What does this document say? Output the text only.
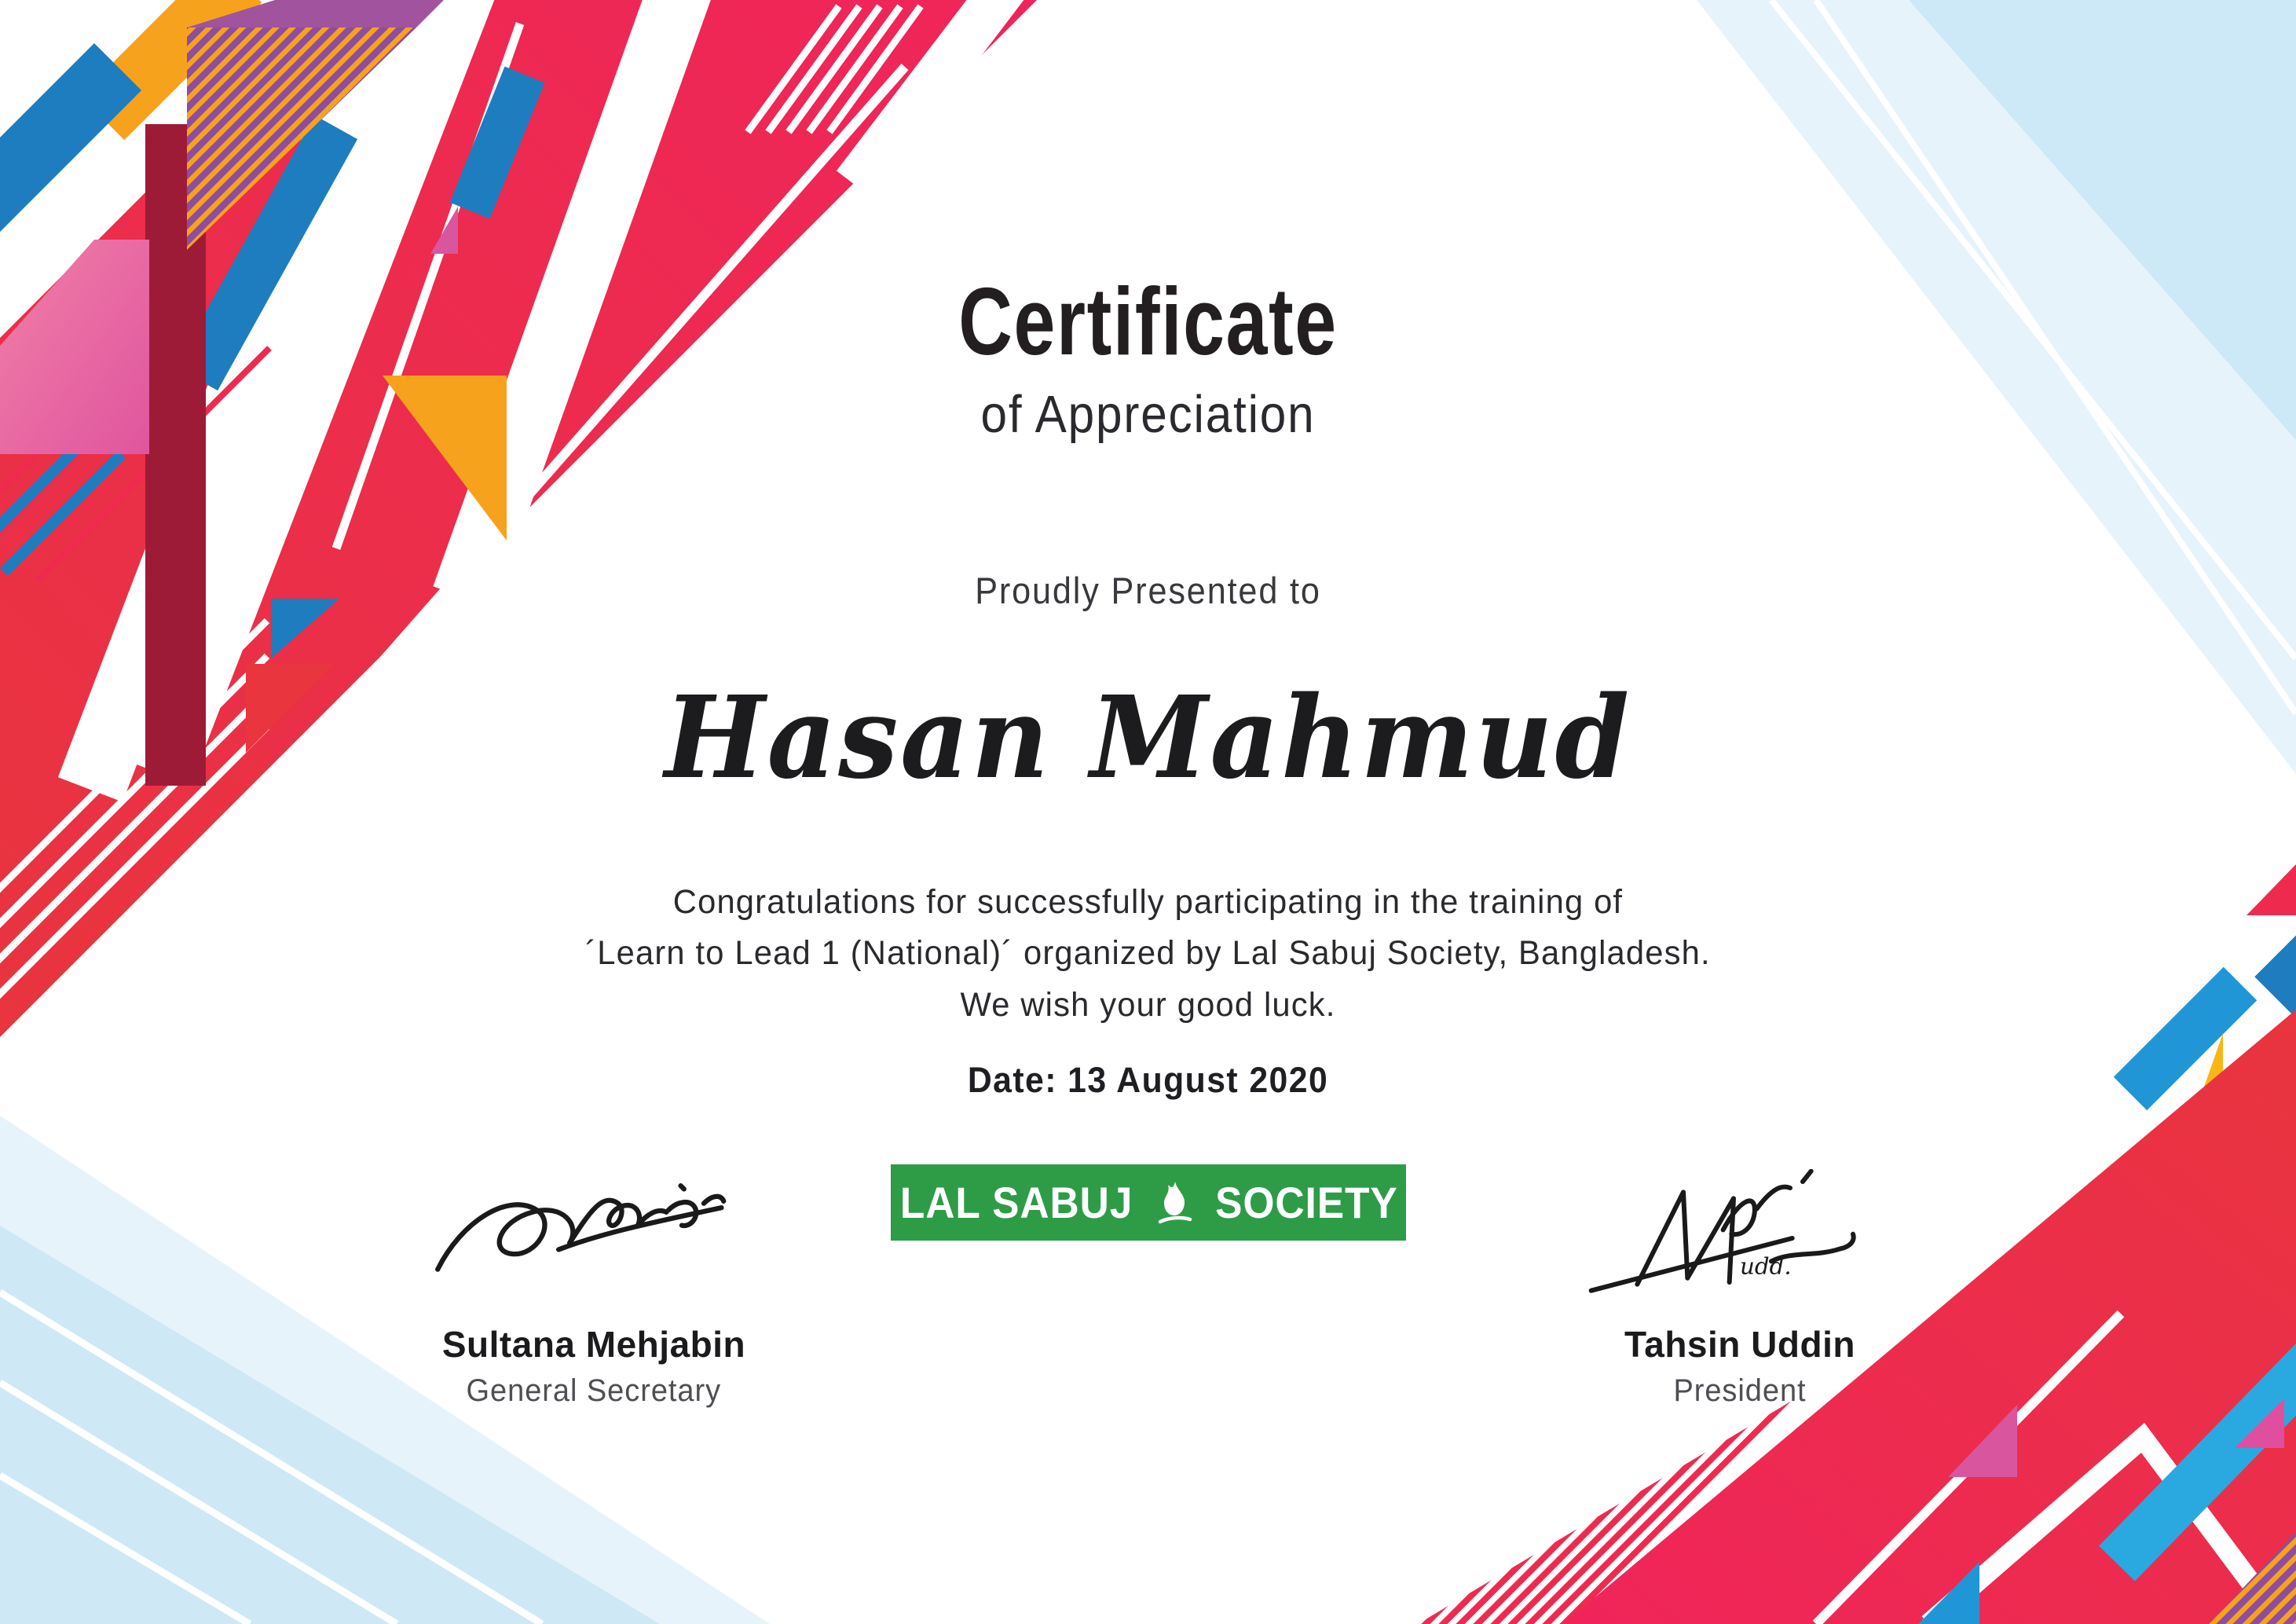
Certificate
of Appreciation
Proudly Presented to
Hasan Mahmud
Congratulations for successfully participating in the training of
´Learn to Lead 1 (National)´ organized by Lal Sabuj Society, Bangladesh.
We wish your good luck.
Date: 13 August 2020
LAL SABUJ SOCIETY
Sultana Mehjabin
General Secretary
udd.
Tahsin Uddin
President
